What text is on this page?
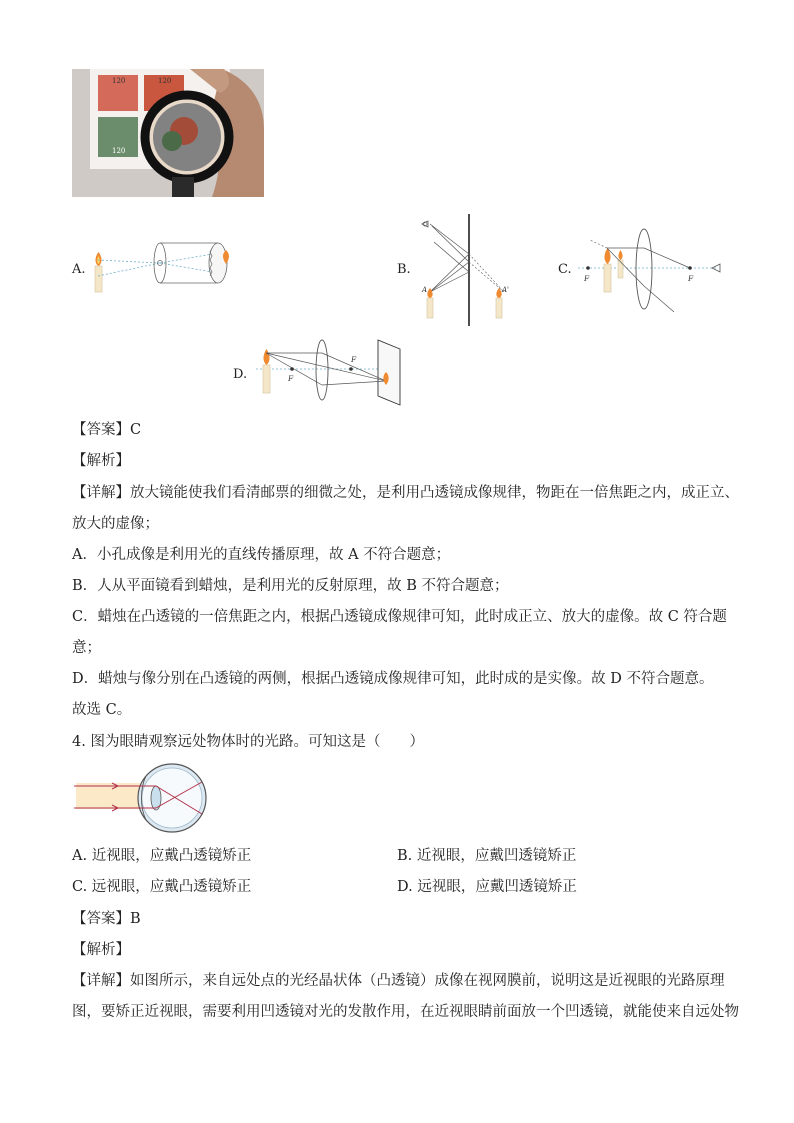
120	120
120
A.	B.
A	A'
C.
F	F
D.	F
F
【答案】C
【解析】
【详解】放大镜能使我们看清邮票的细微之处，是利用凸透镜成像规律，物距在一倍焦距之内，成正立、
放大的虚像；
A．小孔成像是利用光的直线传播原理，故 A 不符合题意；
B．人从平面镜看到蜡烛，是利用光的反射原理，故 B 不符合题意；
C．蜡烛在凸透镜的一倍焦距之内，根据凸透镜成像规律可知，此时成正立、放大的虚像。故 C 符合题
意；
D．蜡烛与像分别在凸透镜的两侧，根据凸透镜成像规律可知，此时成的是实像。故 D 不符合题意。
故选 C。
4. 图为眼睛观察远处物体时的光路。可知这是（　　）
A. 近视眼，应戴凸透镜矫正	B. 近视眼，应戴凹透镜矫正
C. 远视眼，应戴凸透镜矫正	D. 远视眼，应戴凹透镜矫正
【答案】B
【解析】
【详解】如图所示，来自远处点的光经晶状体（凸透镜）成像在视网膜前，说明这是近视眼的光路原理
图，要矫正近视眼，需要利用凹透镜对光的发散作用，在近视眼睛前面放一个凹透镜，就能使来自远处物
